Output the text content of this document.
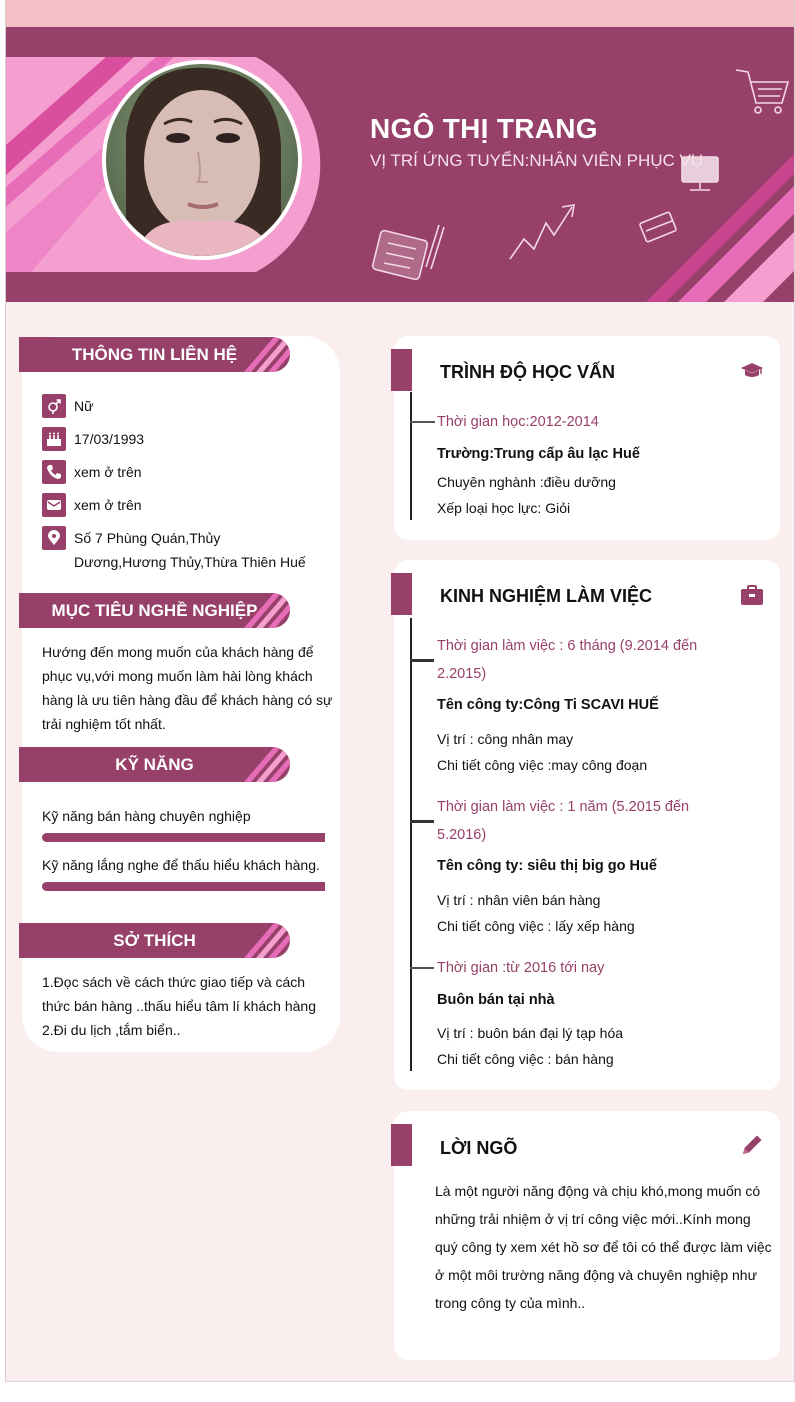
NGÔ THỊ TRANG
VỊ TRÍ ỨNG TUYỂN:NHÂN VIÊN PHỤC VỤ
THÔNG TIN LIÊN HỆ
Nữ
17/03/1993
xem ở trên
xem ở trên
Số 7 Phùng Quán,Thủy Dương,Hương Thủy,Thừa Thiên Huế
MỤC TIÊU NGHỀ NGHIỆP
Hướng đến mong muốn của khách hàng để phục vụ,với mong muốn làm hài lòng khách hàng là ưu tiên hàng đầu để khách hàng có sự trải nghiệm tốt nhất.
KỸ NĂNG
Kỹ năng bán hàng chuyên nghiệp
Kỹ năng lắng nghe để thấu hiểu khách hàng.
SỞ THÍCH
1.Đọc sách về cách thức giao tiếp và cách thức bán hàng ..thấu hiểu tâm lí khách hàng
2.Đi du lịch ,tắm biển..
TRÌNH ĐỘ HỌC VẤN
Thời gian học:2012-2014
Trường:Trung cấp âu lạc Huế
Chuyên nghành :điều dưỡng
Xếp loại học lực: Giỏi
KINH NGHIỆM LÀM VIỆC
Thời gian làm việc : 6 tháng (9.2014 đến 2.2015)
Tên công ty:Công Ti SCAVI HUẾ
Vị trí : công nhân may
Chi tiết công việc :may công đoạn
Thời gian làm việc : 1 năm (5.2015 đến 5.2016)
Tên công ty: siêu thị big go Huế
Vị trí : nhân viên bán hàng
Chi tiết công việc : lấy xếp hàng
Thời gian :từ 2016 tới nay
Buôn bán tại nhà
Vị trí : buôn bán đại lý tạp hóa
Chi tiết công việc : bán hàng
LỜI NGÕ
Là một người năng động và chịu khó,mong muốn có những trải nhiệm ở vị trí công việc mới..Kính mong quý công ty xem xét hồ sơ để tôi có thể được làm việc ở một môi trường năng động và chuyên nghiệp như trong công ty của mình..
